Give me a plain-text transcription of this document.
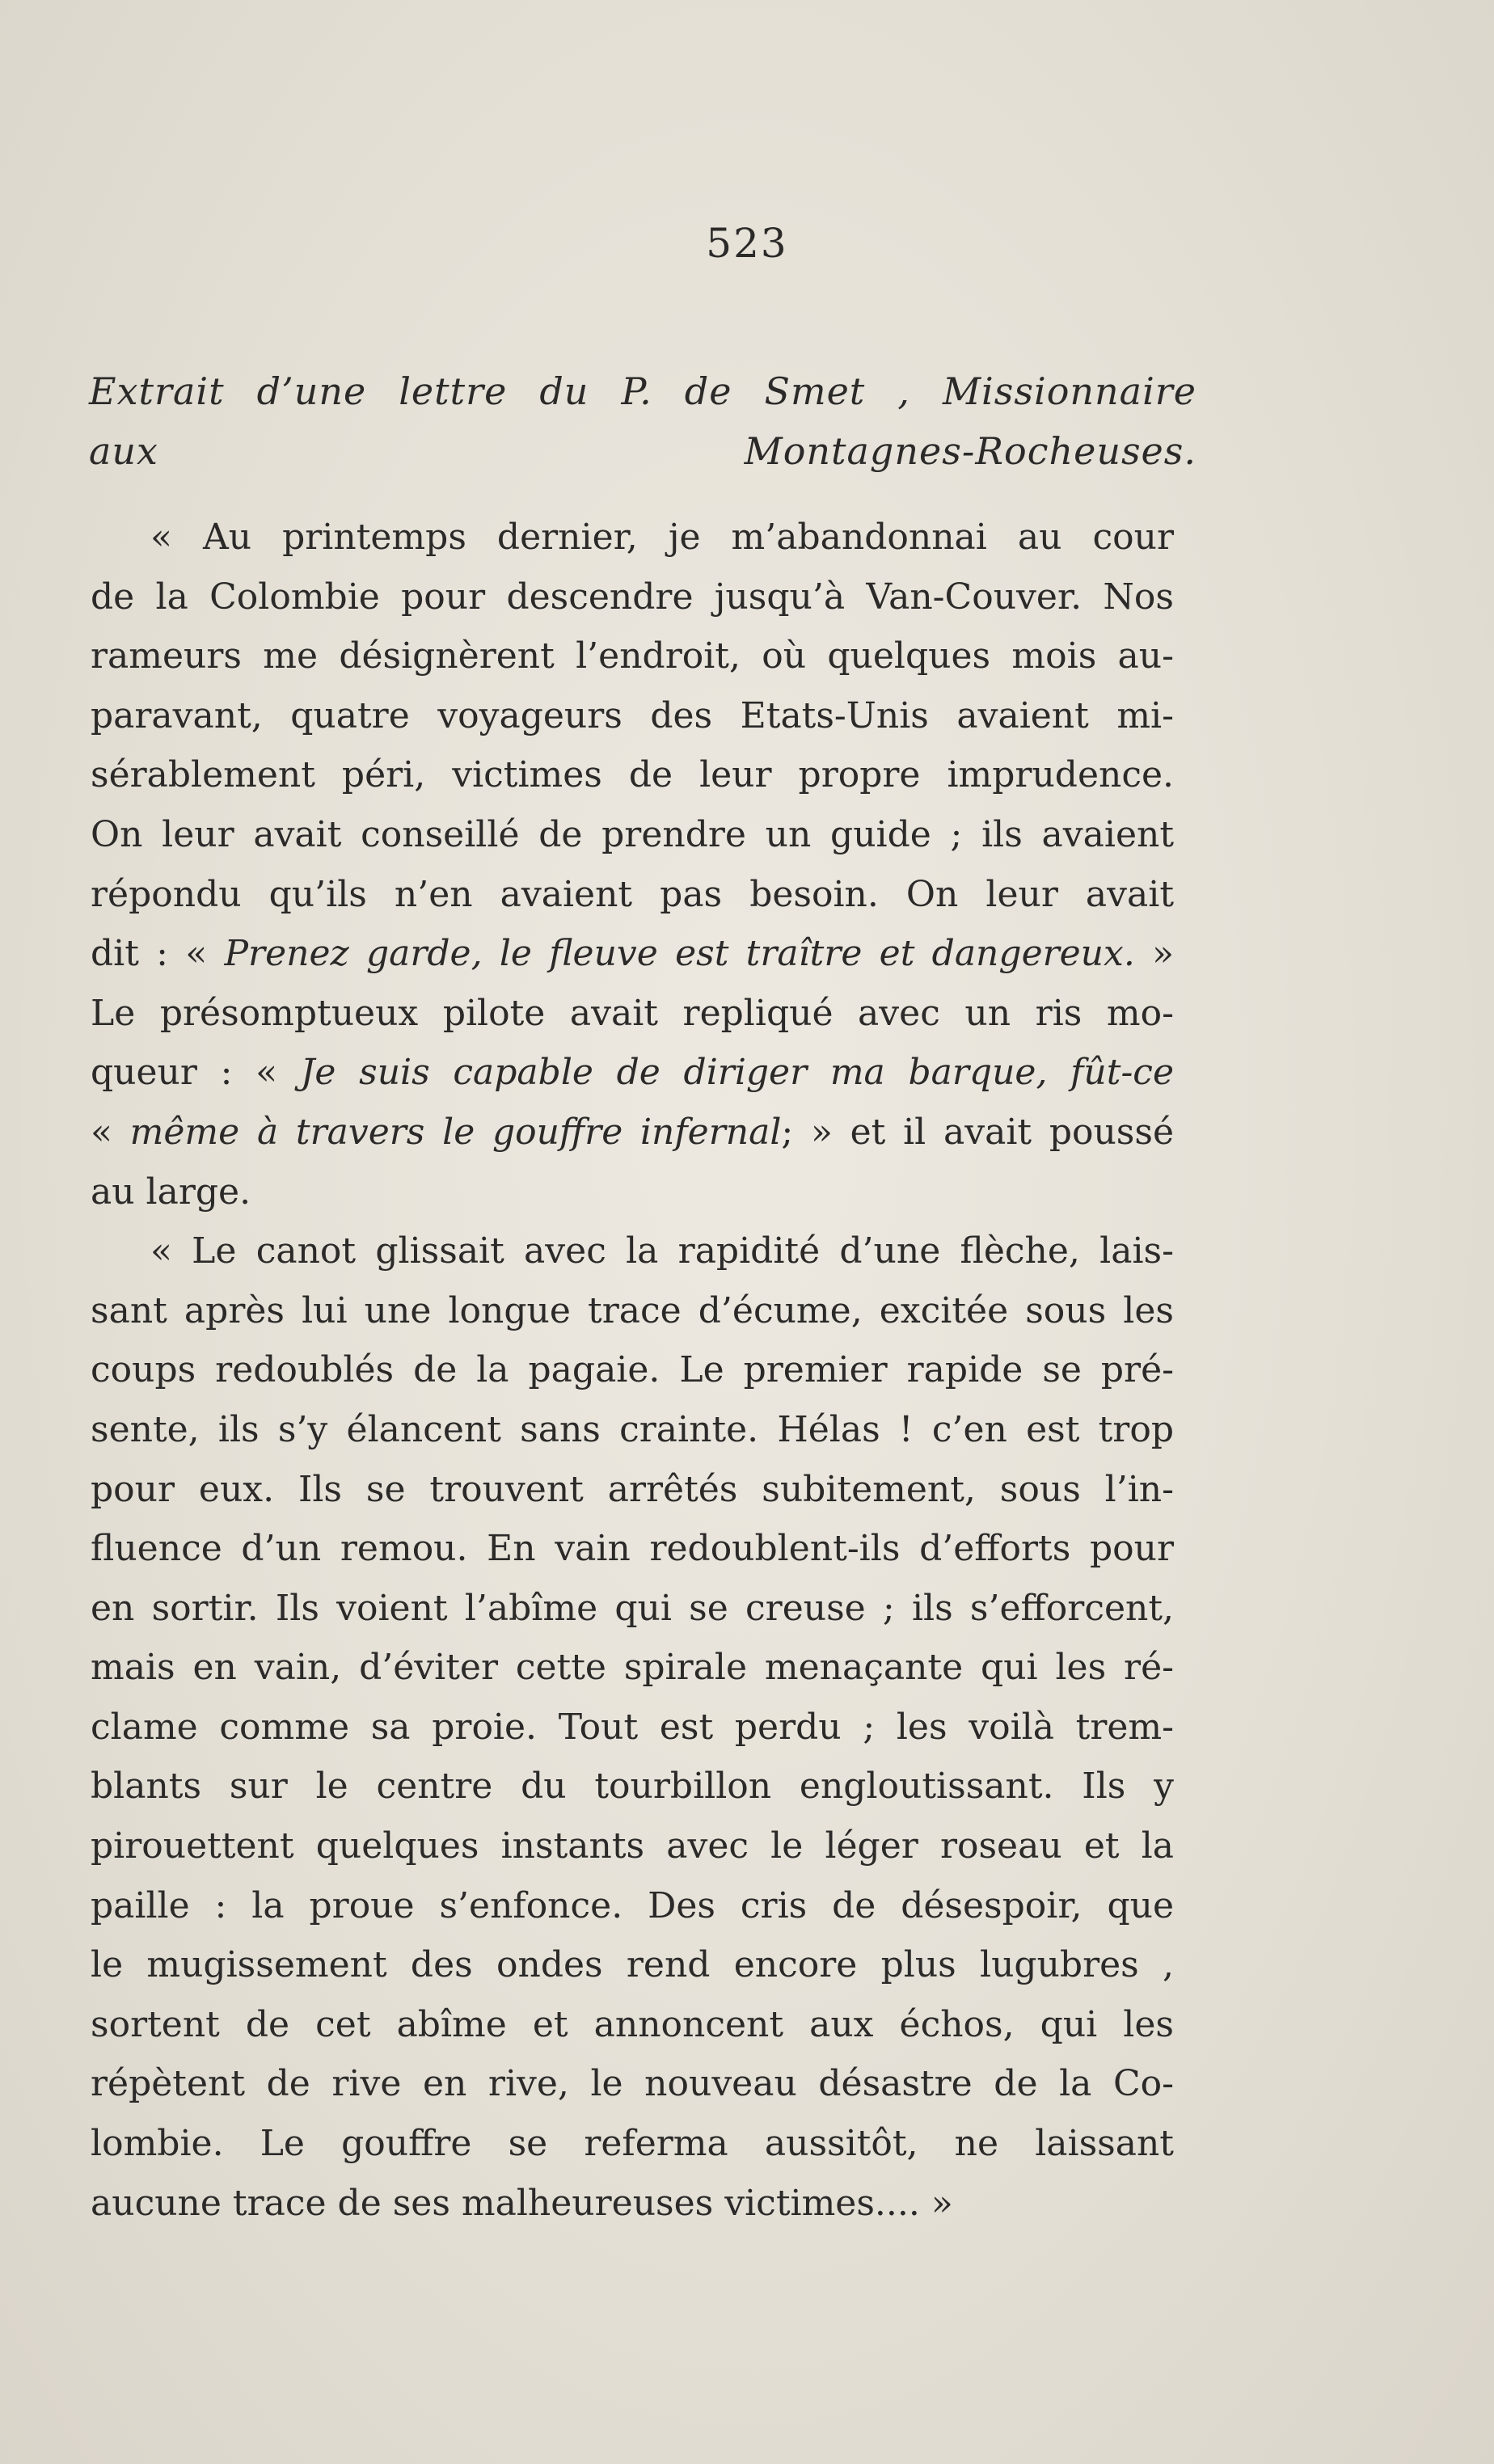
523
Extrait d’une lettre du P. de Smet , Missionnaire
aux Montagnes-Rocheuses.
« Au printemps dernier, je m’abandonnai au cour
de la Colombie pour descendre jusqu’à Van-Couver. Nos
rameurs me désignèrent l’endroit, où quelques mois au-
paravant, quatre voyageurs des Etats-Unis avaient mi-
sérablement péri, victimes de leur propre imprudence.
On leur avait conseillé de prendre un guide ; ils avaient
répondu qu’ils n’en avaient pas besoin. On leur avait
dit : « Prenez garde, le fleuve est traître et dangereux. »
Le présomptueux pilote avait repliqué avec un ris mo-
queur : « Je suis capable de diriger ma barque, fût-ce
« même à travers le gouffre infernal; » et il avait poussé
au large.
« Le canot glissait avec la rapidité d’une flèche, lais-
sant après lui une longue trace d’écume, excitée sous les
coups redoublés de la pagaie. Le premier rapide se pré-
sente, ils s’y élancent sans crainte. Hélas ! c’en est trop
pour eux. Ils se trouvent arrêtés subitement, sous l’in-
fluence d’un remou. En vain redoublent-ils d’efforts pour
en sortir. Ils voient l’abîme qui se creuse ; ils s’efforcent,
mais en vain, d’éviter cette spirale menaçante qui les ré-
clame comme sa proie. Tout est perdu ; les voilà trem-
blants sur le centre du tourbillon engloutissant. Ils y
pirouettent quelques instants avec le léger roseau et la
paille : la proue s’enfonce. Des cris de désespoir, que
le mugissement des ondes rend encore plus lugubres ,
sortent de cet abîme et annoncent aux échos, qui les
répètent de rive en rive, le nouveau désastre de la Co-
lombie. Le gouffre se referma aussitôt, ne laissant
aucune trace de ses malheureuses victimes.... »
